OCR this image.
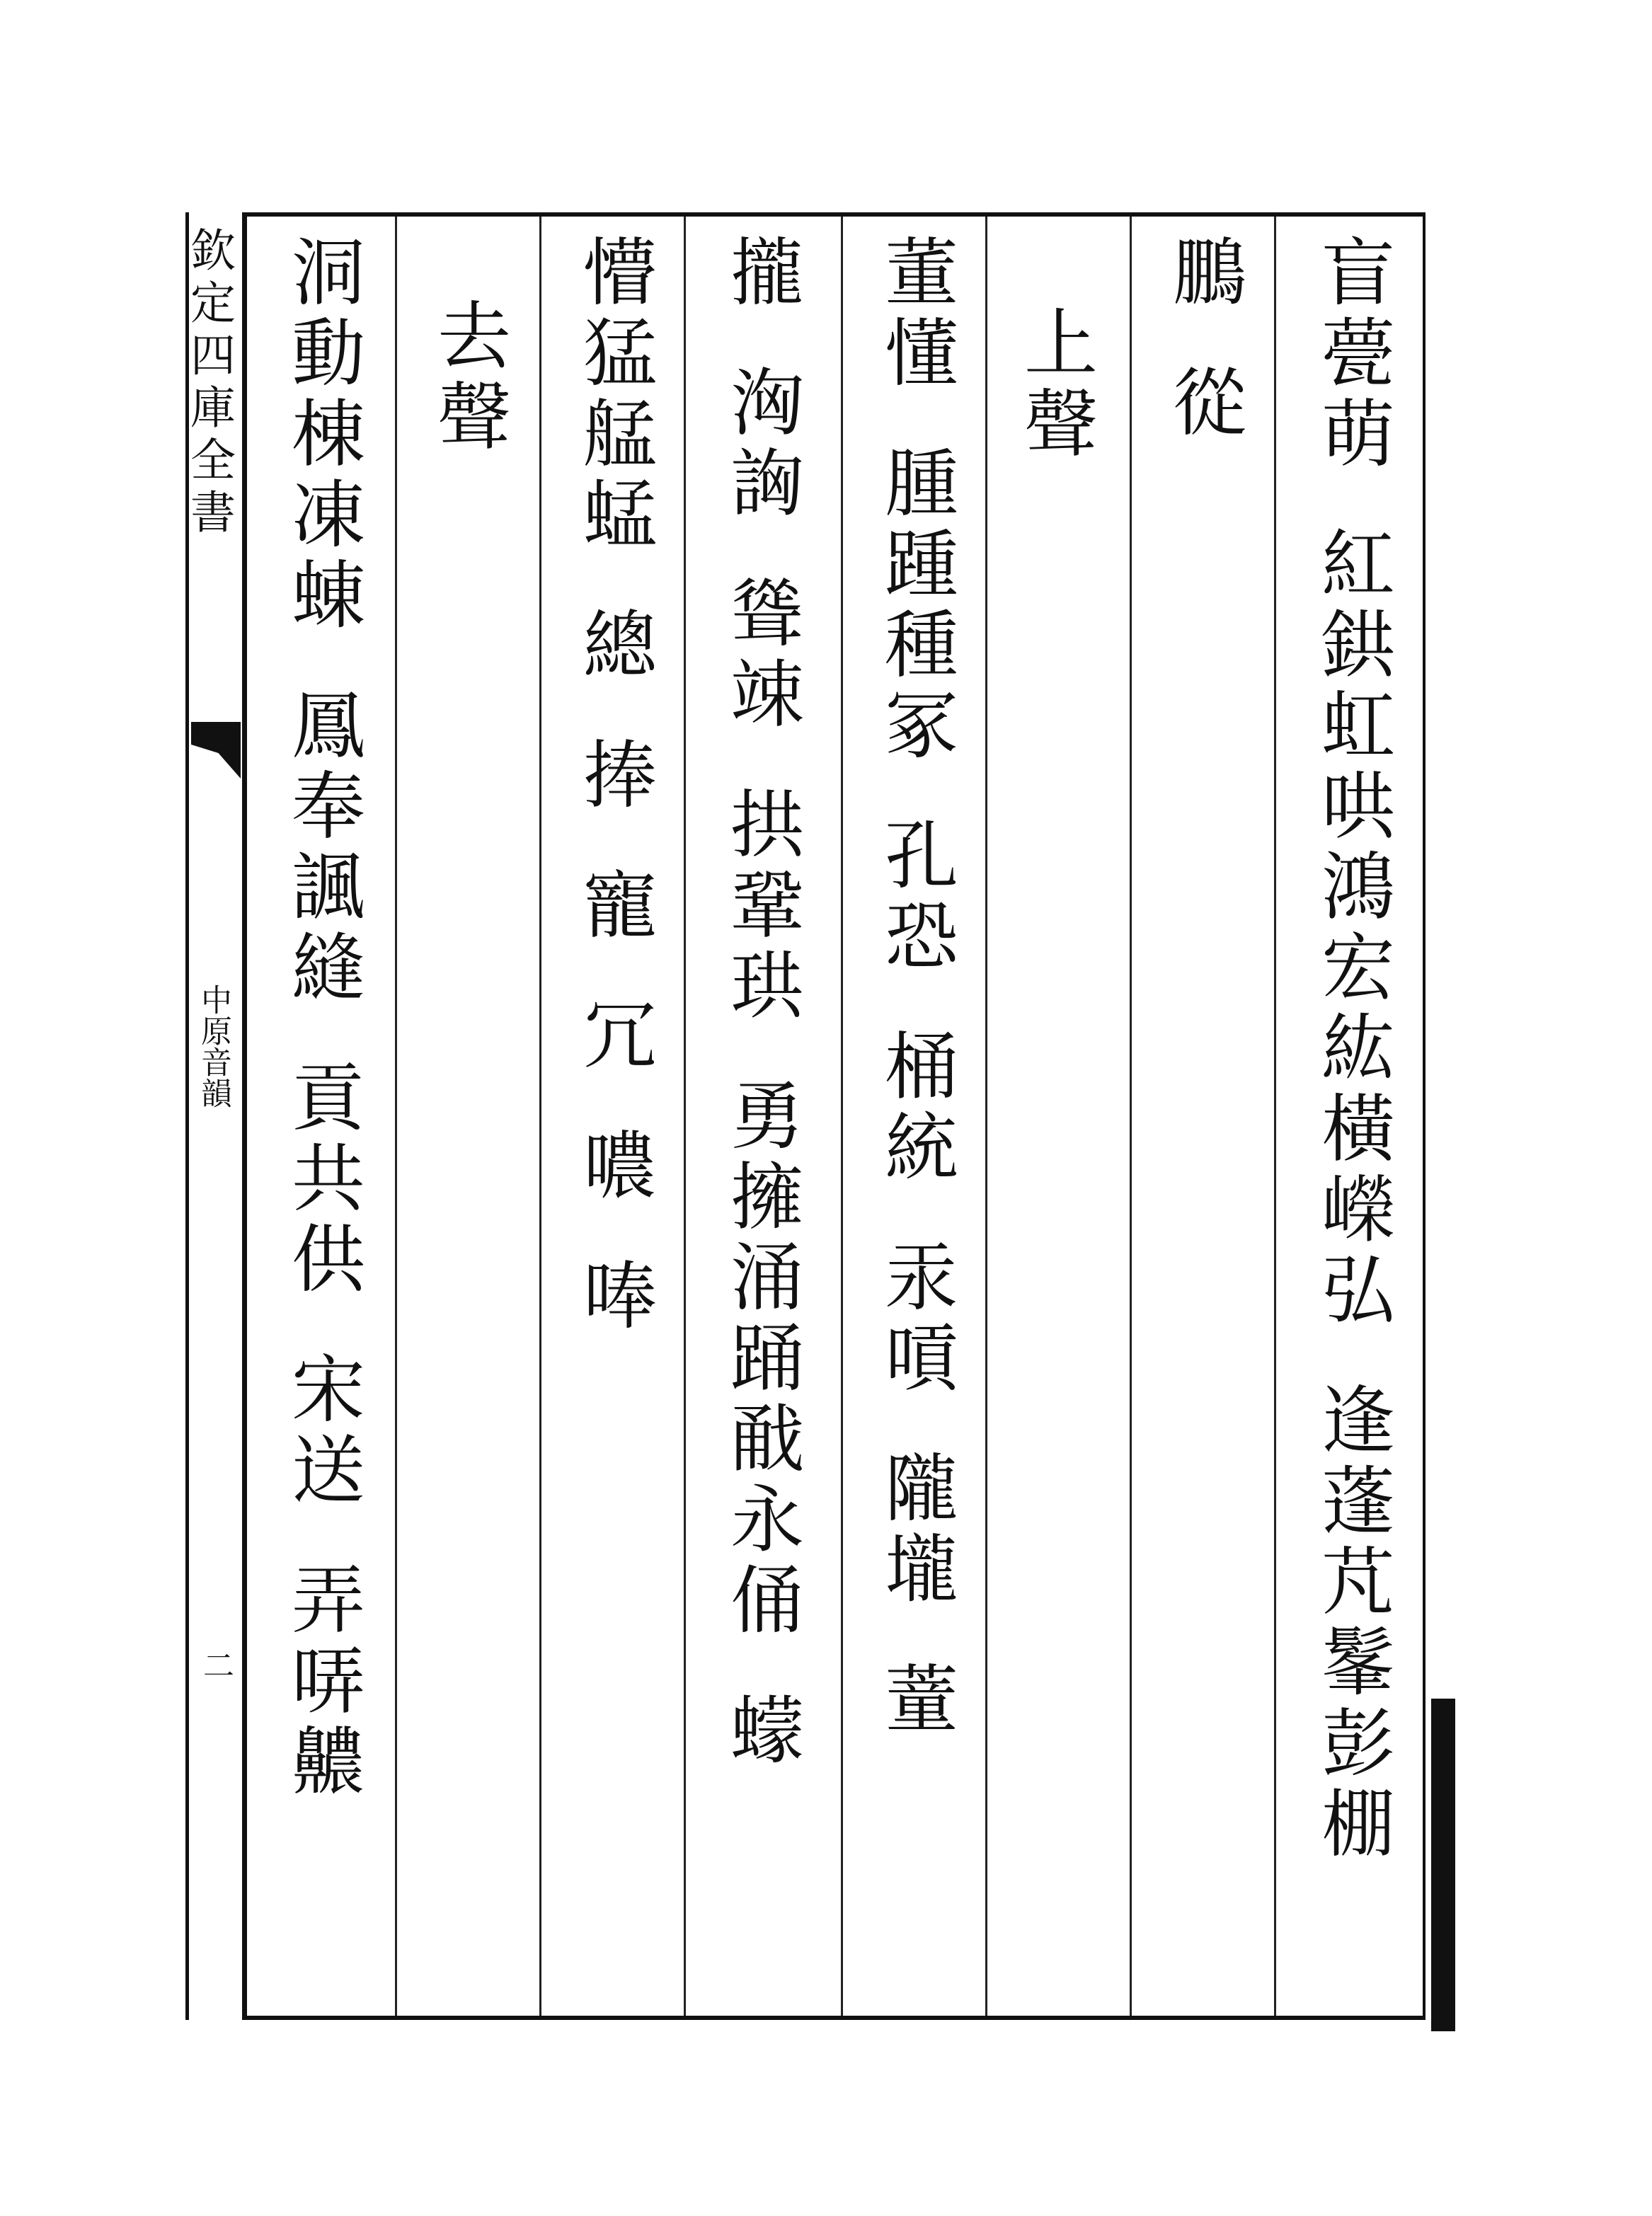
欽定四庫全書
中原音韻
二
盲甍萌紅鉷虹哄鴻宏紘橫嶸弘逢蓬芃髼彭棚
鵬從
上聲
董懂腫踵種冢孔恐桶統汞嗊隴壠蕫
攏洶詾聳竦拱鞏珙勇擁涌踊㦷永俑蠓
懵猛艋蜢總捧寵冗噥唪
去聲
洞動棟凍蝀鳳奉諷縫貢共供宋送弄哢齈
